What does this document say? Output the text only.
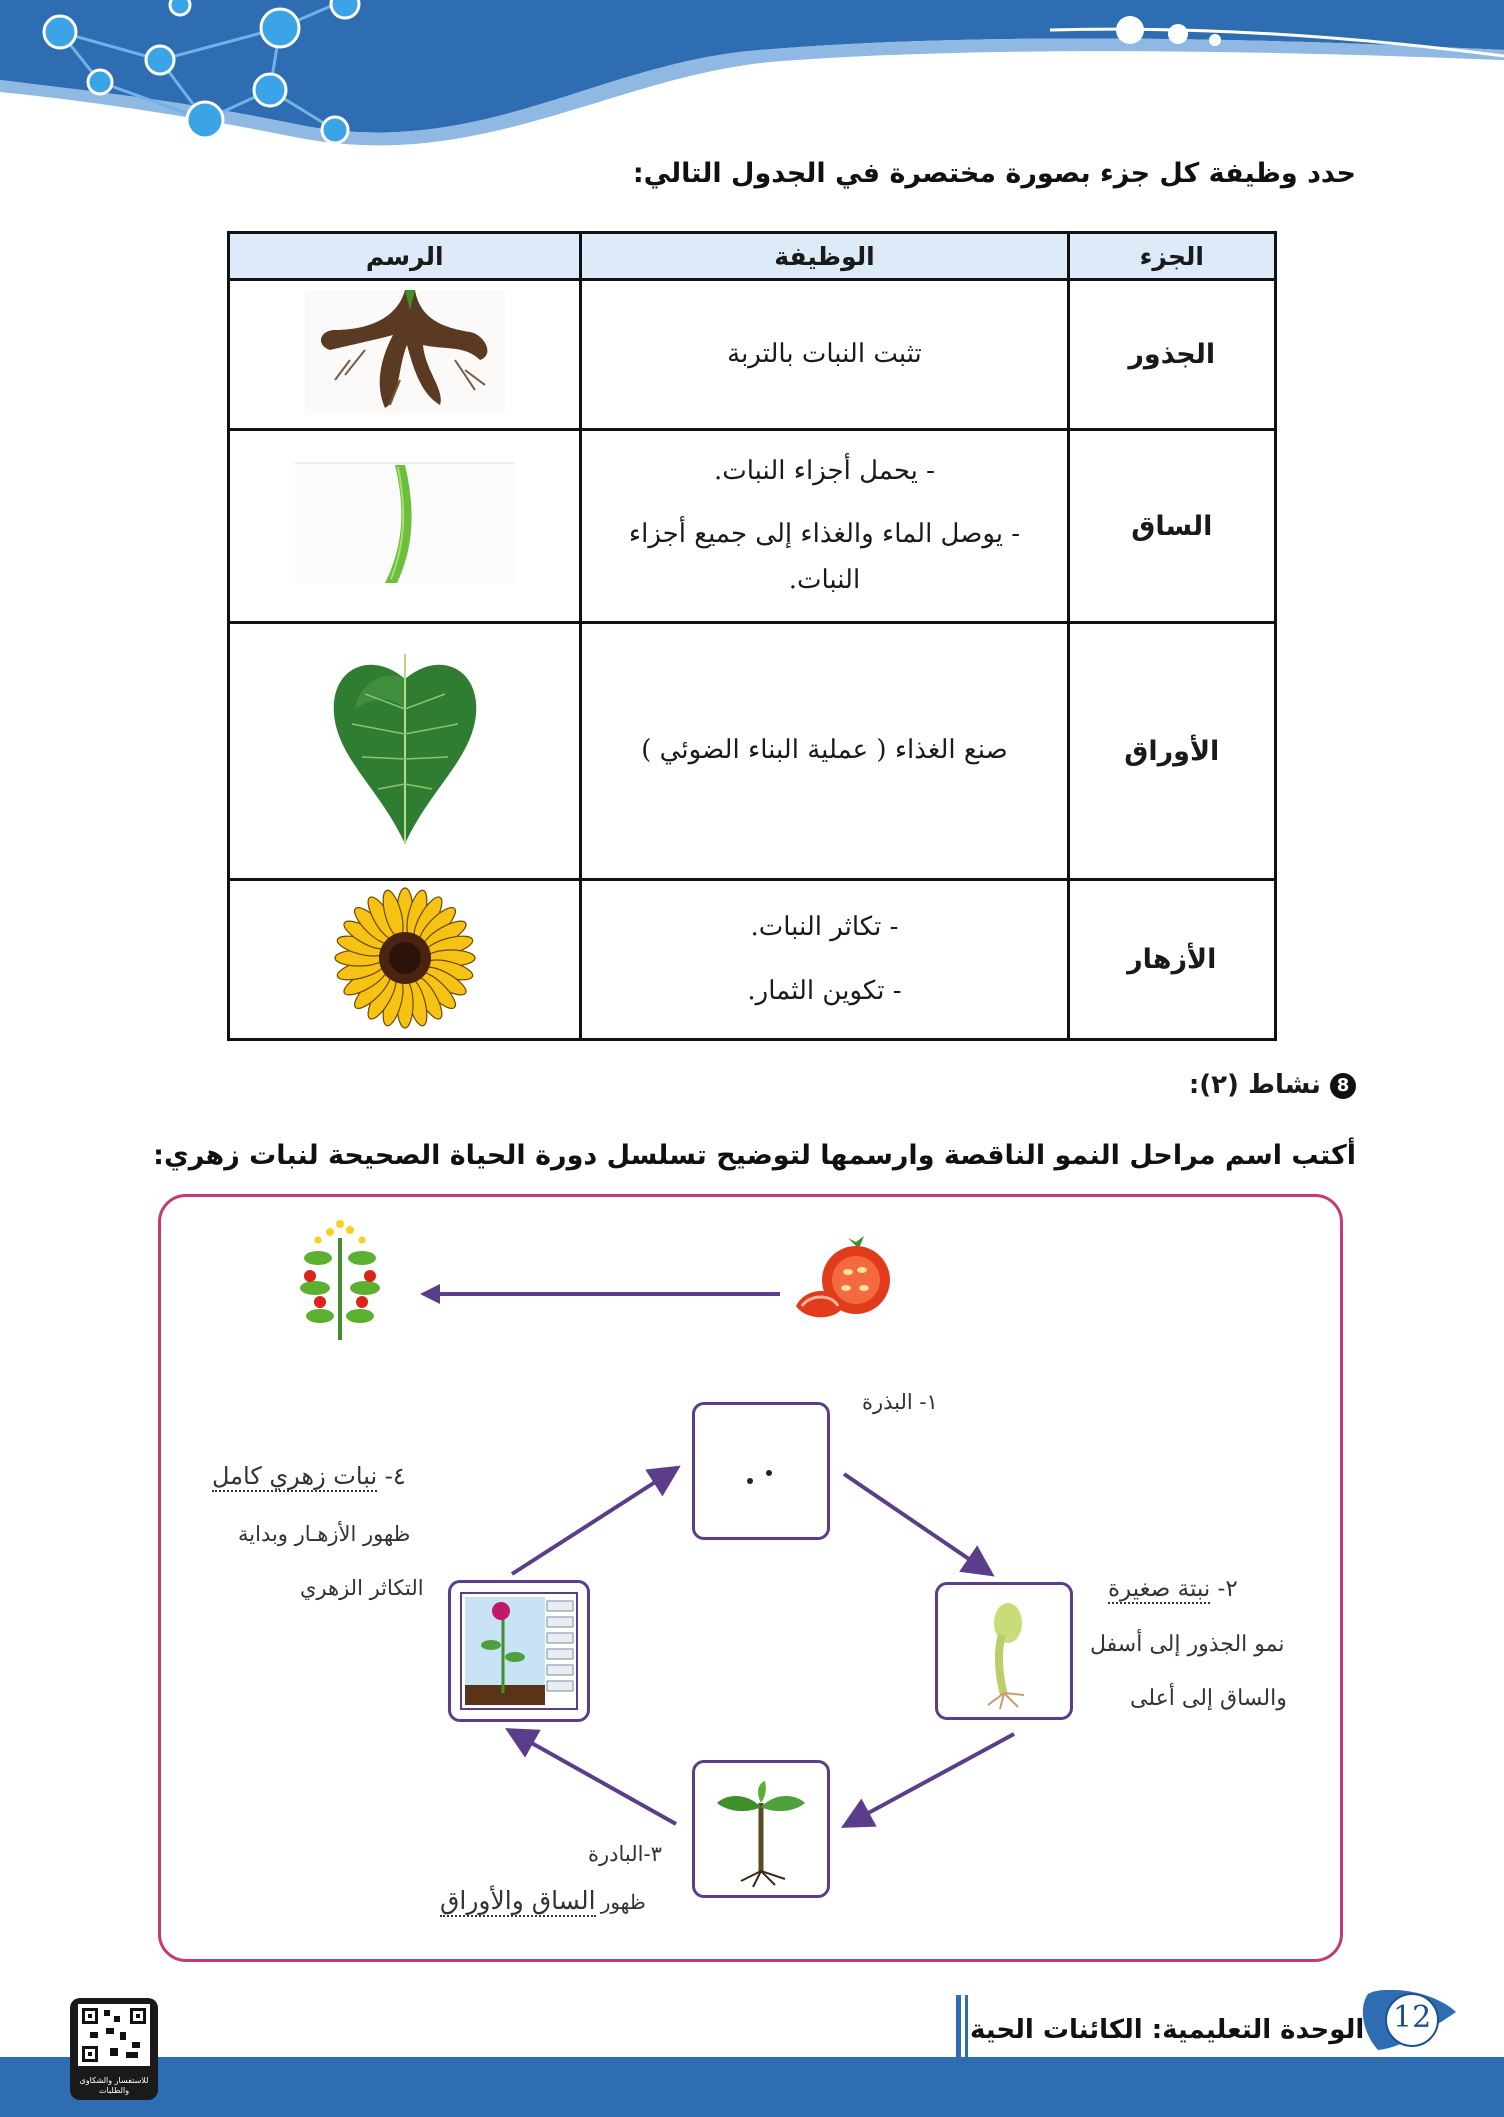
حدد وظيفة كل جزء بصورة مختصرة في الجدول التالي:
الجزء	الوظيفة	الرسم
الجذور	تثبت النبات بالتربة

الساق	- يحمل أجزاء النبات.

- يوصل الماء والغذاء إلى جميع أجزاء

النبات.

الأوراق	صنع الغذاء ( عملية البناء الضوئي )

الأزهار	- تكاثر النبات.

- تكوين الثمار.

8 نشاط (٢):
أكتب اسم مراحل النمو الناقصة وارسمها لتوضيح تسلسل دورة الحياة الصحيحة لنبات زهري:
١- البذرة
٢- نبتة صغيرة
نمو الجذور إلى أسفل
والساق إلى أعلى
٣-البادرة
ظهور الساق والأوراق
٤- نبات زهري كامل
ظهور الأزهـار وبداية
التكاثر الزهري
12
الوحدة التعليمية: الكائنات الحية
للاستفسار والشكاوى والطلبات
